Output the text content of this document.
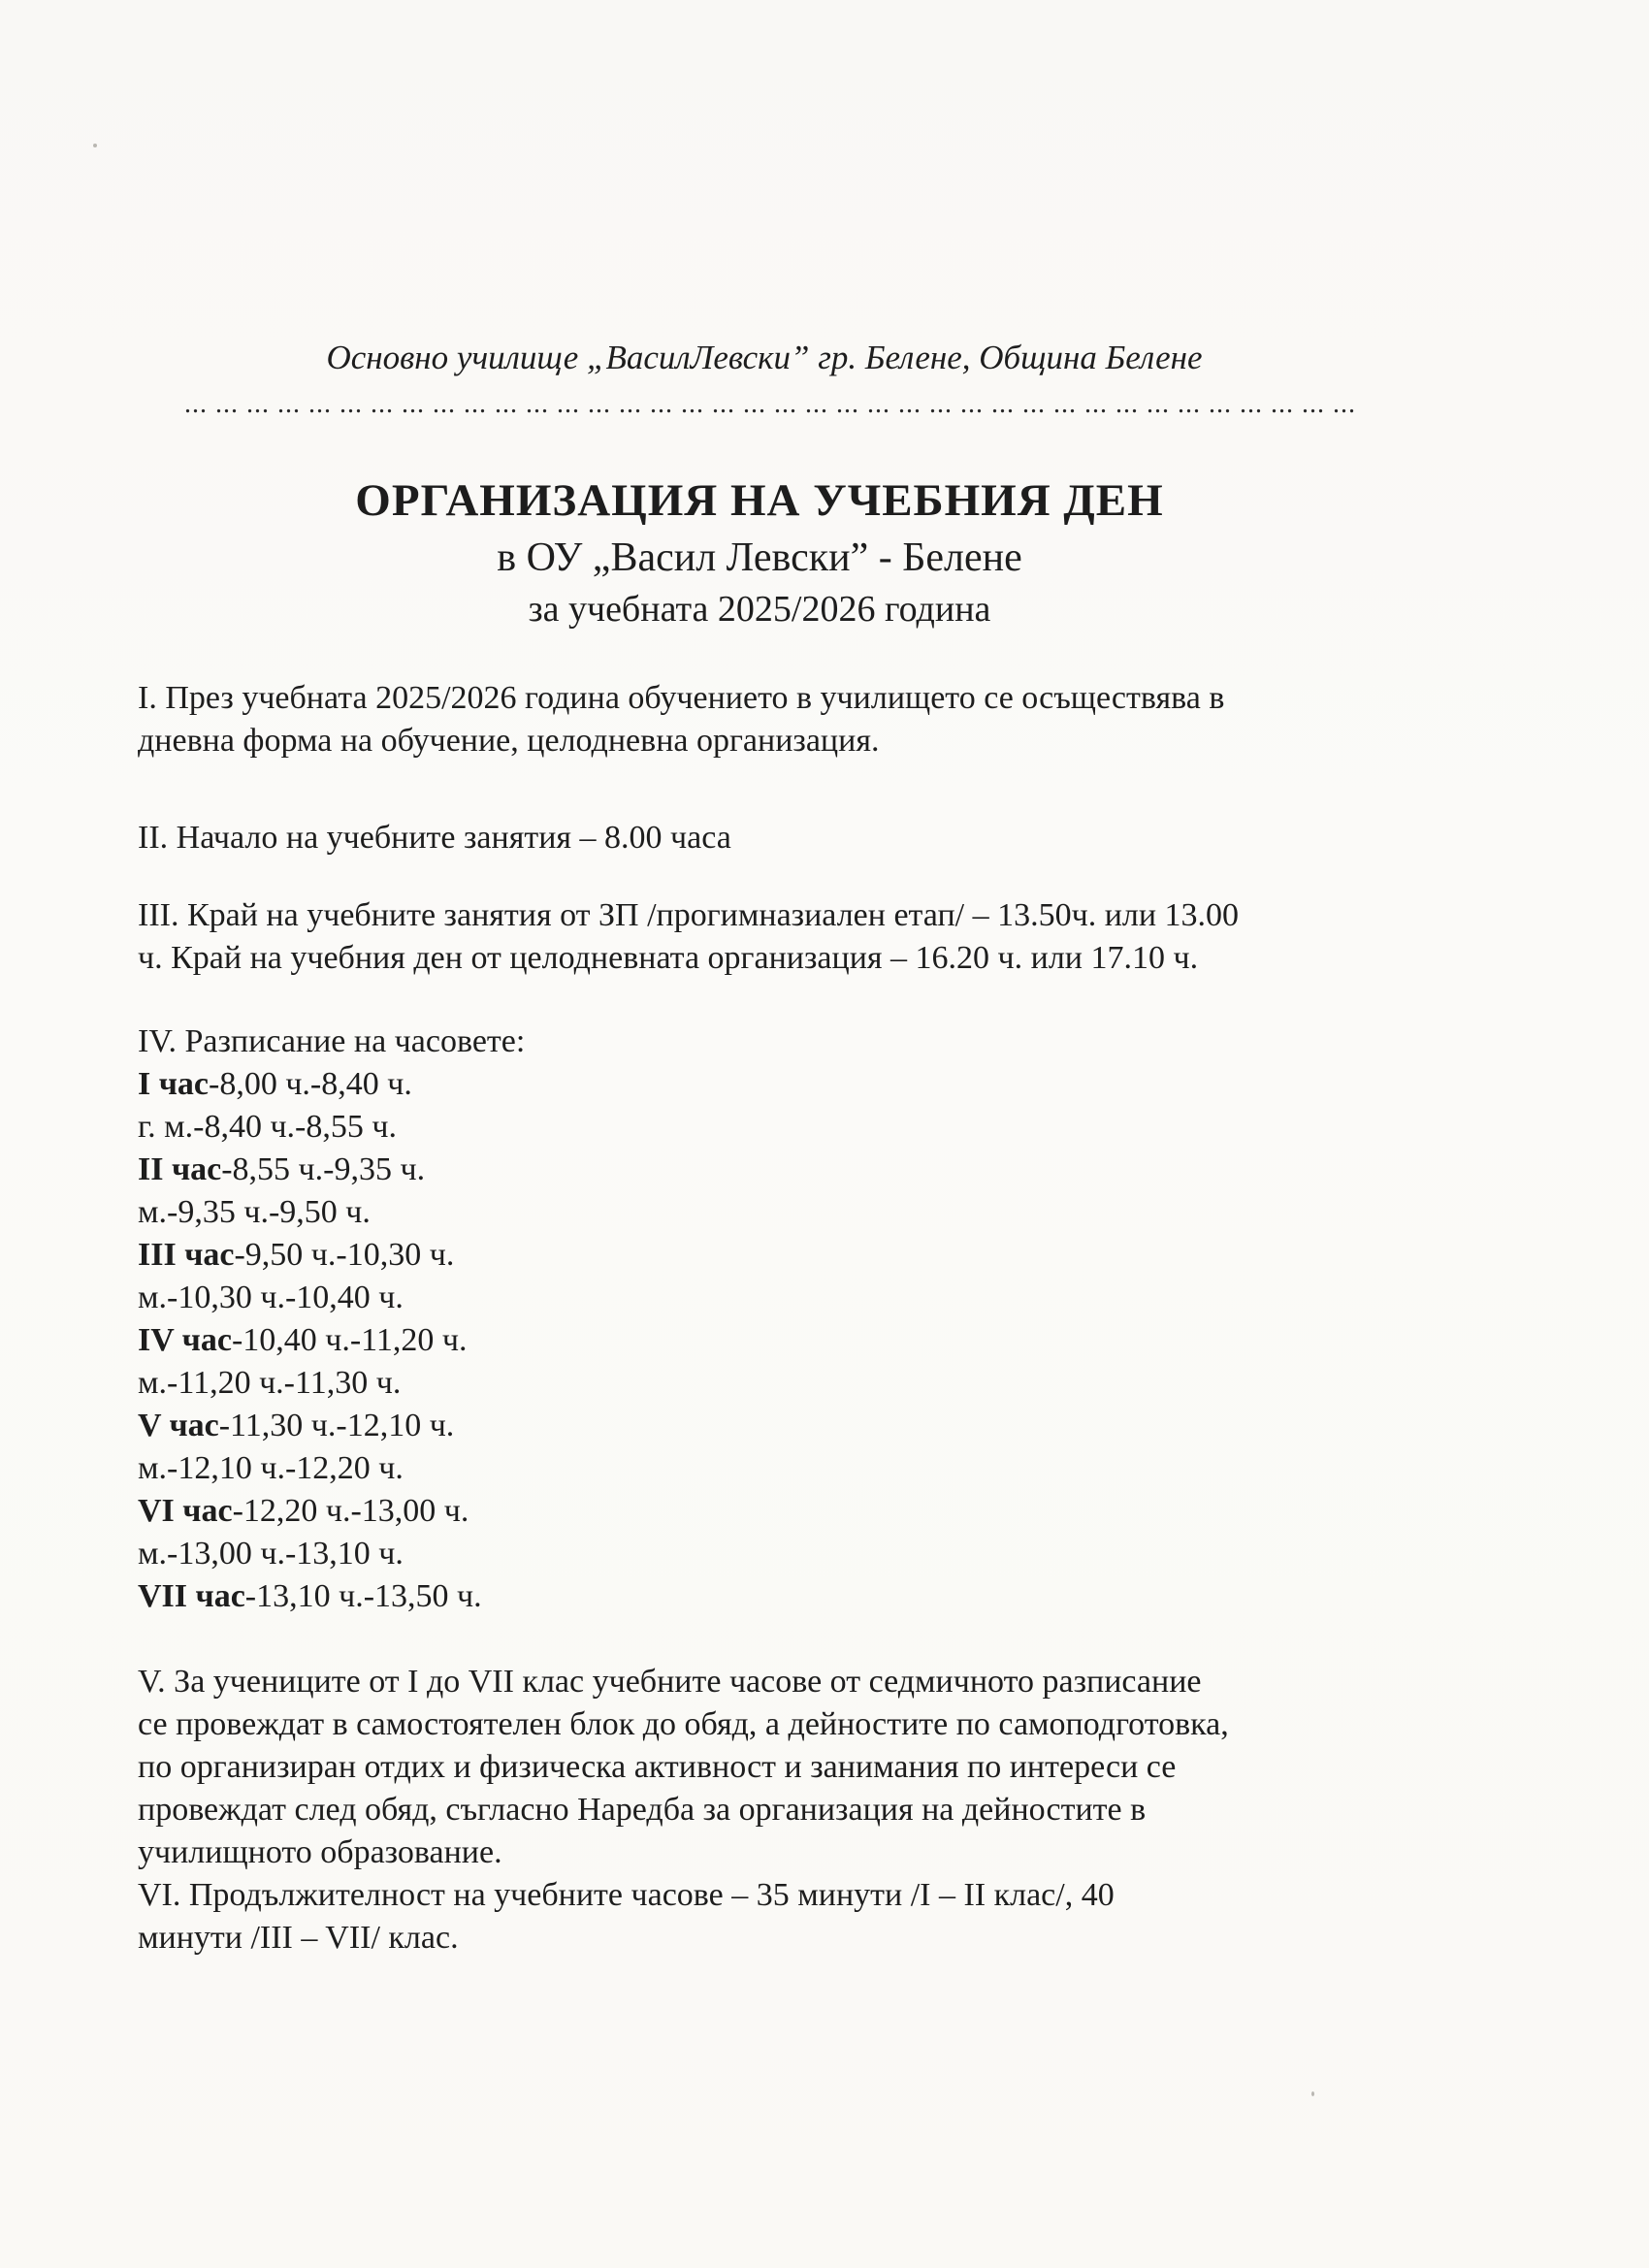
Основно училище „ВасилЛевски” гр. Белене, Община Белене
... ... ... ... ... ... ... ... ... ... ... ... ... ... ... ... ... ... ... ... ... ... ... ... ... ... ... ... ... ... ... ... ... ... ... ... ... ...
ОРГАНИЗАЦИЯ НА УЧЕБНИЯ ДЕН
в ОУ „Васил Левски” - Белене
за учебната 2025/2026 година
I. През учебната 2025/2026 година обучението в училището се осъществява в
дневна форма на обучение, целодневна организация.
II. Начало на учебните занятия – 8.00 часа
III. Край на учебните занятия от ЗП /прогимназиален етап/ – 13.50ч. или 13.00
ч. Край на учебния ден от целодневната организация – 16.20 ч. или 17.10 ч.
IV. Разписание на часовете:
I час-8,00 ч.-8,40 ч.
г. м.-8,40 ч.-8,55 ч.
II час-8,55 ч.-9,35 ч.
м.-9,35 ч.-9,50 ч.
III час-9,50 ч.-10,30 ч.
м.-10,30 ч.-10,40 ч.
IV час-10,40 ч.-11,20 ч.
м.-11,20 ч.-11,30 ч.
V час-11,30 ч.-12,10 ч.
м.-12,10 ч.-12,20 ч.
VI час-12,20 ч.-13,00 ч.
м.-13,00 ч.-13,10 ч.
VII час-13,10 ч.-13,50 ч.
V. За учениците от I до VII клас учебните часове от седмичното разписание
се провеждат в самостоятелен блок до обяд, а дейностите по самоподготовка,
по организиран отдих и физическа активност и занимания по интереси се
провеждат след обяд, съгласно Наредба за организация на дейностите в
училищното образование.
VI. Продължителност на учебните часове – 35 минути /I – II клас/, 40
минути /III – VII/ клас.
